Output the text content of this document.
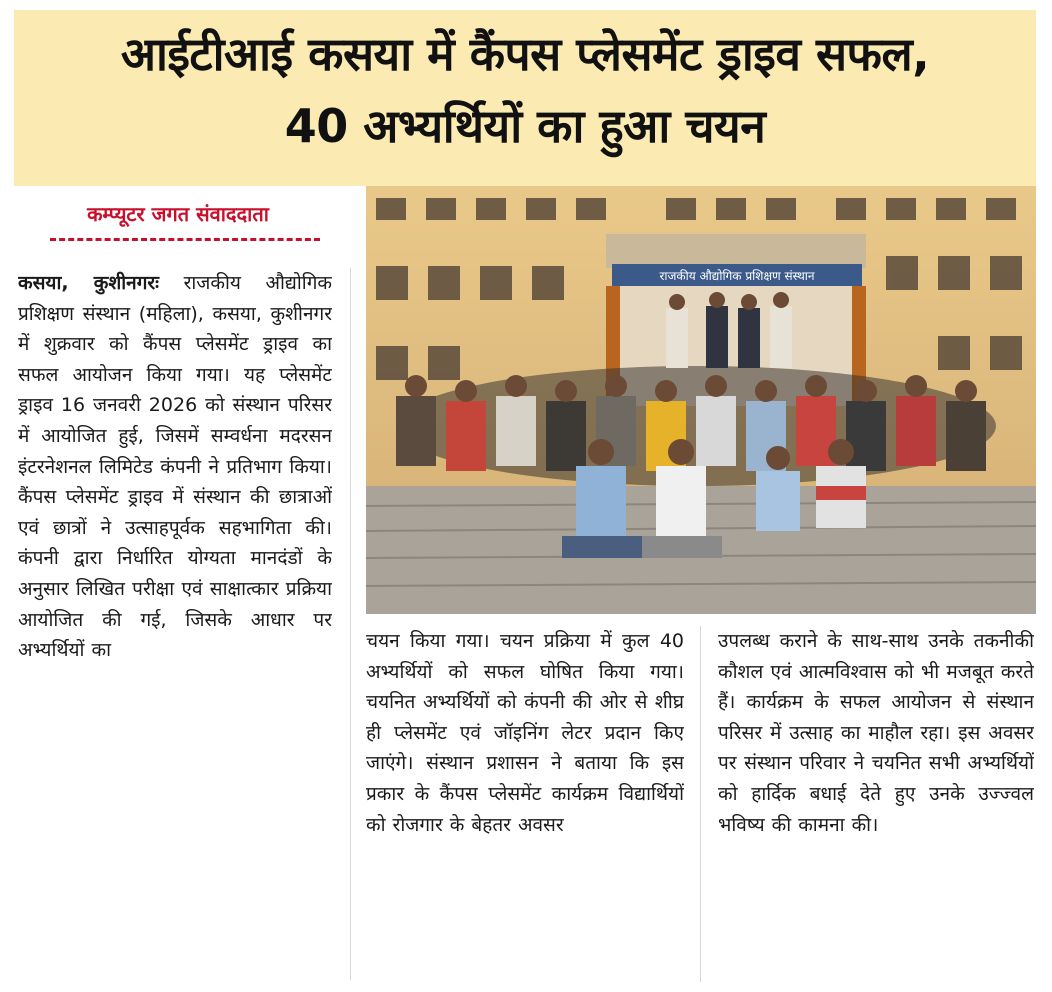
आईटीआई कसया में कैंपस प्लेसमेंट ड्राइव सफल,
40 अभ्यर्थियों का हुआ चयन
कम्प्यूटर जगत संवाददाता

कसया, कुशीनगरः राजकीय औद्योगिक प्रशिक्षण संस्थान (महिला), कसया, कुशीनगर में शुक्रवार को कैंपस प्लेसमेंट ड्राइव का सफल आयोजन किया गया। यह प्लेसमेंट ड्राइव 16 जनवरी 2026 को संस्थान परिसर में आयोजित हुई, जिसमें सम्वर्धना मदरसन इंटरनेशनल लिमिटेड कंपनी ने प्रतिभाग किया। कैंपस प्लेसमेंट ड्राइव में संस्थान की छात्राओं एवं छात्रों ने उत्साहपूर्वक सहभागिता की। कंपनी द्वारा निर्धारित योग्यता मानदंडों के अनुसार लिखित परीक्षा एवं साक्षात्कार प्रक्रिया आयोजित की गई, जिसके आधार पर अभ्यर्थियों का

राजकीय औद्योगिक प्रशिक्षण संस्थान

चयन किया गया। चयन प्रक्रिया में कुल 40 अभ्यर्थियों को सफल घोषित किया गया। चयनित अभ्यर्थियों को कंपनी की ओर से शीघ्र ही प्लेसमेंट एवं जॉइनिंग लेटर प्रदान किए जाएंगे। संस्थान प्रशासन ने बताया कि इस प्रकार के कैंपस प्लेसमेंट कार्यक्रम विद्यार्थियों को रोजगार के बेहतर अवसर

उपलब्ध कराने के साथ-साथ उनके तकनीकी कौशल एवं आत्मविश्वास को भी मजबूत करते हैं। कार्यक्रम के सफल आयोजन से संस्थान परिसर में उत्साह का माहौल रहा। इस अवसर पर संस्थान परिवार ने चयनित सभी अभ्यर्थियों को हार्दिक बधाई देते हुए उनके उज्ज्वल भविष्य की कामना की।
